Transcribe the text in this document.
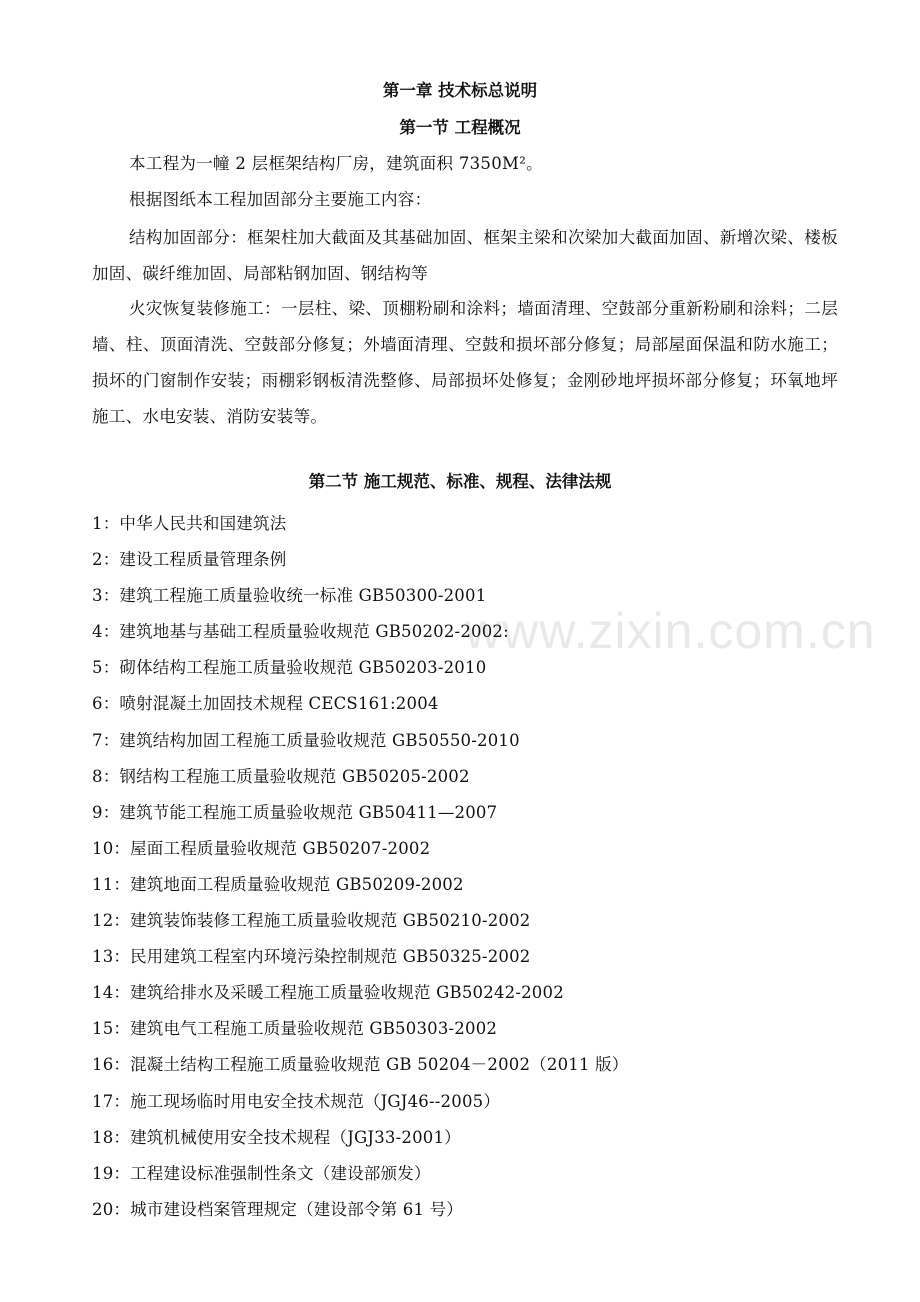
www.zixin.com.cn
第一章 技术标总说明
第一节 工程概况
本工程为一幢 2 层框架结构厂房，建筑面积 7350M²。
根据图纸本工程加固部分主要施工内容：
结构加固部分：框架柱加大截面及其基础加固、框架主梁和次梁加大截面加固、新增次梁、楼板加固、碳纤维加固、局部粘钢加固、钢结构等
火灾恢复装修施工：一层柱、梁、顶棚粉刷和涂料；墙面清理、空鼓部分重新粉刷和涂料；二层墙、柱、顶面清洗、空鼓部分修复；外墙面清理、空鼓和损坏部分修复；局部屋面保温和防水施工；损坏的门窗制作安装；雨棚彩钢板清洗整修、局部损坏处修复；金刚砂地坪损坏部分修复；环氧地坪施工、水电安装、消防安装等。
第二节 施工规范、标准、规程、法律法规
1：中华人民共和国建筑法
2：建设工程质量管理条例
3：建筑工程施工质量验收统一标准 GB50300-2001
4：建筑地基与基础工程质量验收规范 GB50202-2002:
5：砌体结构工程施工质量验收规范 GB50203-2010
6：喷射混凝土加固技术规程 CECS161:2004
7：建筑结构加固工程施工质量验收规范 GB50550-2010
8：钢结构工程施工质量验收规范 GB50205-2002
9：建筑节能工程施工质量验收规范 GB50411—2007
10：屋面工程质量验收规范 GB50207-2002
11：建筑地面工程质量验收规范 GB50209-2002
12：建筑装饰装修工程施工质量验收规范 GB50210-2002
13：民用建筑工程室内环境污染控制规范 GB50325-2002
14：建筑给排水及采暖工程施工质量验收规范 GB50242-2002
15：建筑电气工程施工质量验收规范 GB50303-2002
16：混凝土结构工程施工质量验收规范 GB 50204－2002（2011 版）
17：施工现场临时用电安全技术规范（JGJ46--2005）
18：建筑机械使用安全技术规程（JGJ33-2001）
19：工程建设标准强制性条文（建设部颁发）
20：城市建设档案管理规定（建设部令第 61 号）
